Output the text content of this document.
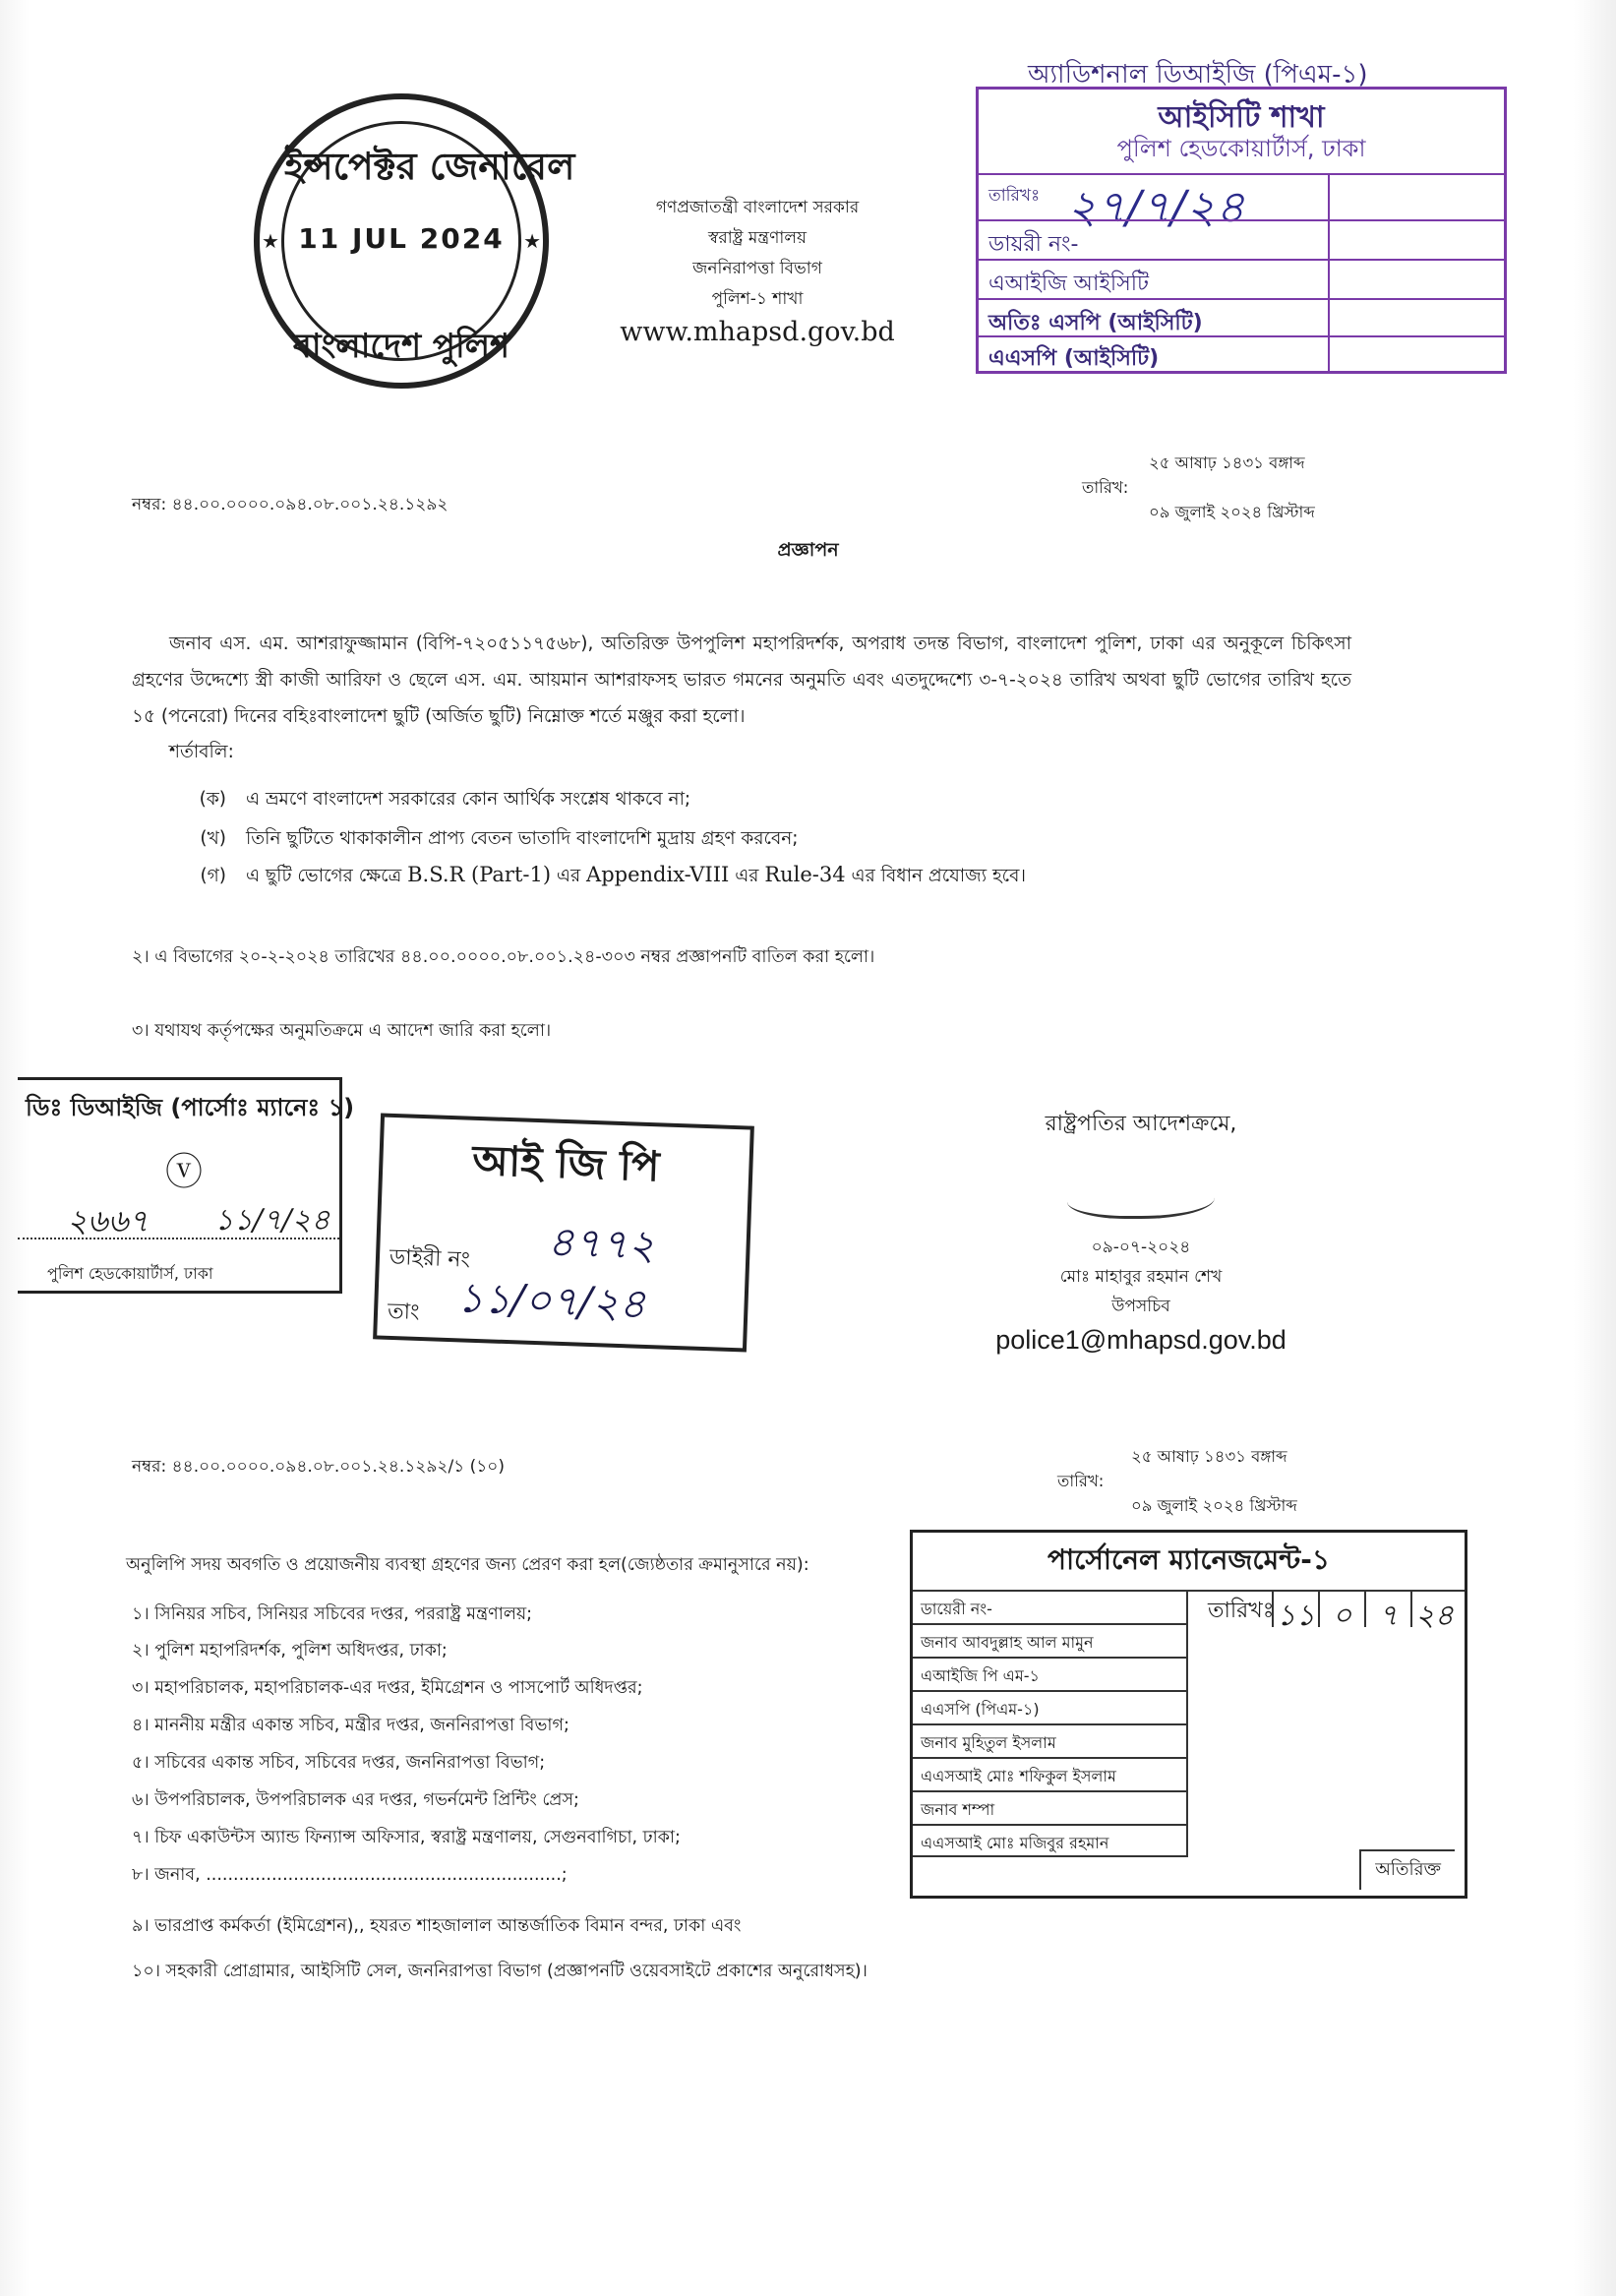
ইন্সপেক্টর জেনারেল
11 JUL 2024
বাংলাদেশ পুলিশ
★	★
গণপ্রজাতন্ত্রী বাংলাদেশ সরকার
স্বরাষ্ট্র মন্ত্রণালয়
জননিরাপত্তা বিভাগ
পুলিশ-১ শাখা
www.mhapsd.gov.bd
অ্যাডিশনাল ডিআইজি (পিএম-১)
আইসিটি শাখা
পুলিশ হেডকোয়ার্টার্স, ঢাকা
তারিখঃ ২৭/৭/২৪
ডায়রী নং-
এআইজি আইসিটি
অতিঃ এসপি (আইসিটি)
এএসপি (আইসিটি)
নম্বর: ৪৪.০০.০০০০.০৯৪.০৮.০০১.২৪.১২৯২
২৫ আষাঢ় ১৪৩১ বঙ্গাব্দ
তারিখ:
০৯ জুলাই ২০২৪ খ্রিস্টাব্দ
প্রজ্ঞাপন
জনাব এস. এম. আশরাফুজ্জামান (বিপি-৭২০৫১১৭৫৬৮), অতিরিক্ত উপপুলিশ মহাপরিদর্শক, অপরাধ তদন্ত বিভাগ, বাংলাদেশ পুলিশ, ঢাকা এর অনুকূলে চিকিৎসা গ্রহণের উদ্দেশ্যে স্ত্রী কাজী আরিফা ও ছেলে এস. এম. আয়মান আশরাফসহ ভারত গমনের অনুমতি এবং এতদুদ্দেশ্যে ৩-৭-২০২৪ তারিখ অথবা ছুটি ভোগের তারিখ হতে ১৫ (পনেরো) দিনের বহিঃবাংলাদেশ ছুটি (অর্জিত ছুটি) নিম্নোক্ত শর্তে মঞ্জুর করা হলো।
শর্তাবলি:
(ক) এ ভ্রমণে বাংলাদেশ সরকারের কোন আর্থিক সংশ্লেষ থাকবে না;
(খ) তিনি ছুটিতে থাকাকালীন প্রাপ্য বেতন ভাতাদি বাংলাদেশি মুদ্রায় গ্রহণ করবেন;
(গ) এ ছুটি ভোগের ক্ষেত্রে B.S.R (Part-1) এর Appendix-VIII এর Rule-34 এর বিধান প্রযোজ্য হবে।
২। এ বিভাগের ২০-২-২০২৪ তারিখের ৪৪.০০.০০০০.০৮.০০১.২৪-৩০৩ নম্বর প্রজ্ঞাপনটি বাতিল করা হলো।
৩। যথাযথ কর্তৃপক্ষের অনুমতিক্রমে এ আদেশ জারি করা হলো।
ডিঃ ডিআইজি (পার্সোঃ ম্যানেঃ ১)
ⓥ
২৬৬৭ ১১/৭/২৪
পুলিশ হেডকোয়ার্টার্স, ঢাকা
আই জি পি
ডাইরী নং ৪৭৭২
তাং ১১/০৭/২৪
রাষ্ট্রপতির আদেশক্রমে,
০৯-০৭-২০২৪
মোঃ মাহাবুর রহমান শেখ
উপসচিব
police1@mhapsd.gov.bd
নম্বর: ৪৪.০০.০০০০.০৯৪.০৮.০০১.২৪.১২৯২/১ (১০)
২৫ আষাঢ় ১৪৩১ বঙ্গাব্দ
তারিখ:
০৯ জুলাই ২০২৪ খ্রিস্টাব্দ
অনুলিপি সদয় অবগতি ও প্রয়োজনীয় ব্যবস্থা গ্রহণের জন্য প্রেরণ করা হল(জ্যেষ্ঠতার ক্রমানুসারে নয়):
১। সিনিয়র সচিব, সিনিয়র সচিবের দপ্তর, পররাষ্ট্র মন্ত্রণালয়;
২। পুলিশ মহাপরিদর্শক, পুলিশ অধিদপ্তর, ঢাকা;
৩। মহাপরিচালক, মহাপরিচালক-এর দপ্তর, ইমিগ্রেশন ও পাসপোর্ট অধিদপ্তর;
৪। মাননীয় মন্ত্রীর একান্ত সচিব, মন্ত্রীর দপ্তর, জননিরাপত্তা বিভাগ;
৫। সচিবের একান্ত সচিব, সচিবের দপ্তর, জননিরাপত্তা বিভাগ;
৬। উপপরিচালক, উপপরিচালক এর দপ্তর, গভর্নমেন্ট প্রিন্টিং প্রেস;
৭। চিফ একাউন্টস অ্যান্ড ফিন্যান্স অফিসার, স্বরাষ্ট্র মন্ত্রণালয়, সেগুনবাগিচা, ঢাকা;
৮। জনাব, .................................................................;
৯। ভারপ্রাপ্ত কর্মকর্তা (ইমিগ্রেশন),, হযরত শাহজালাল আন্তর্জাতিক বিমান বন্দর, ঢাকা এবং
১০। সহকারী প্রোগ্রামার, আইসিটি সেল, জননিরাপত্তা বিভাগ (প্রজ্ঞাপনটি ওয়েবসাইটে প্রকাশের অনুরোধসহ)।
পার্সোনেল ম্যানেজমেন্ট-১
ডায়েরী নং-
জনাব আবদুল্লাহ আল মামুন
এআইজি পি এম-১
এএসপি (পিএম-১)
জনাব মুহিতুল ইসলাম
এএসআই মোঃ শফিকুল ইসলাম
জনাব শম্পা
এএসআই মোঃ মজিবুর রহমান
তারিখঃ ১১ ০ ৭ ২৪
অতিরিক্ত
